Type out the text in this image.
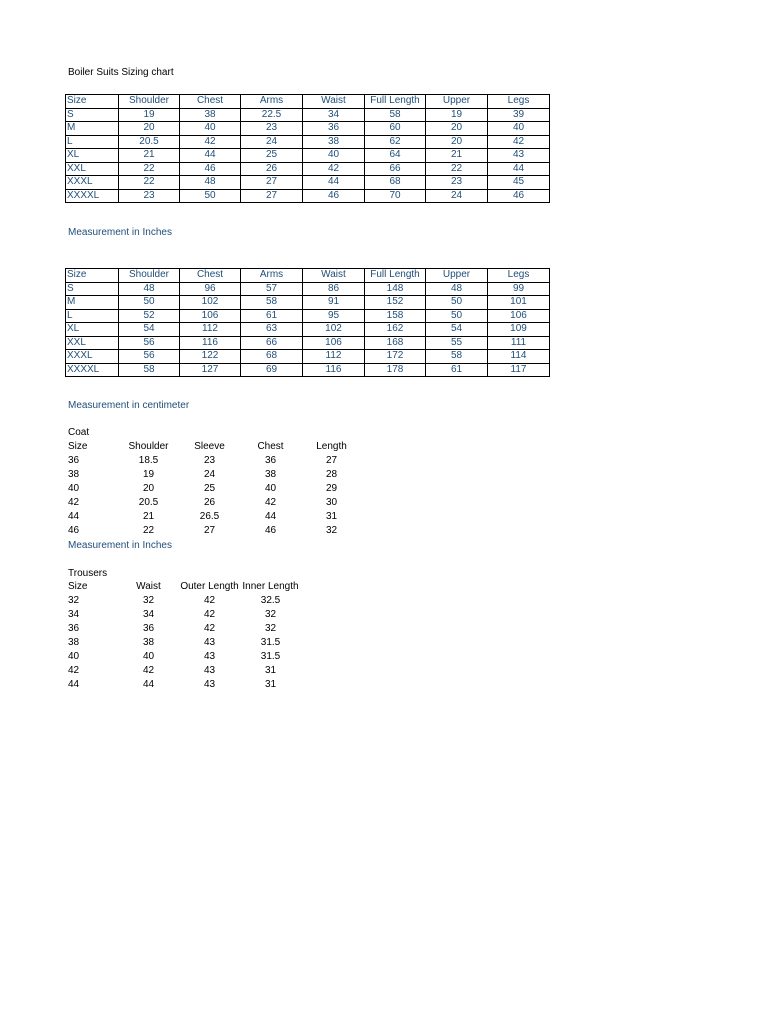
Boiler Suits Sizing chart
Size	Shoulder	Chest	Arms	Waist	Full Length	Upper	Legs
S	19	38	22.5	34	58	19	39
M	20	40	23	36	60	20	40
L	20.5	42	24	38	62	20	42
XL	21	44	25	40	64	21	43
XXL	22	46	26	42	66	22	44
XXXL	22	48	27	44	68	23	45
XXXXL	23	50	27	46	70	24	46
Measurement in Inches
Size	Shoulder	Chest	Arms	Waist	Full Length	Upper	Legs
S	48	96	57	86	148	48	99
M	50	102	58	91	152	50	101
L	52	106	61	95	158	50	106
XL	54	112	63	102	162	54	109
XXL	56	116	66	106	168	55	111
XXXL	56	122	68	112	172	58	114
XXXXL	58	127	69	116	178	61	117
Measurement in centimeter
Coat
Size	Shoulder	Sleeve	Chest	Length
36	18.5	23	36	27
38	19	24	38	28
40	20	25	40	29
42	20.5	26	42	30
44	21	26.5	44	31
46	22	27	46	32
Measurement in Inches
Trousers
Size	Waist	Outer Length	Inner Length
32	32	42	32.5
34	34	42	32
36	36	42	32
38	38	43	31.5
40	40	43	31.5
42	42	43	31
44	44	43	31
